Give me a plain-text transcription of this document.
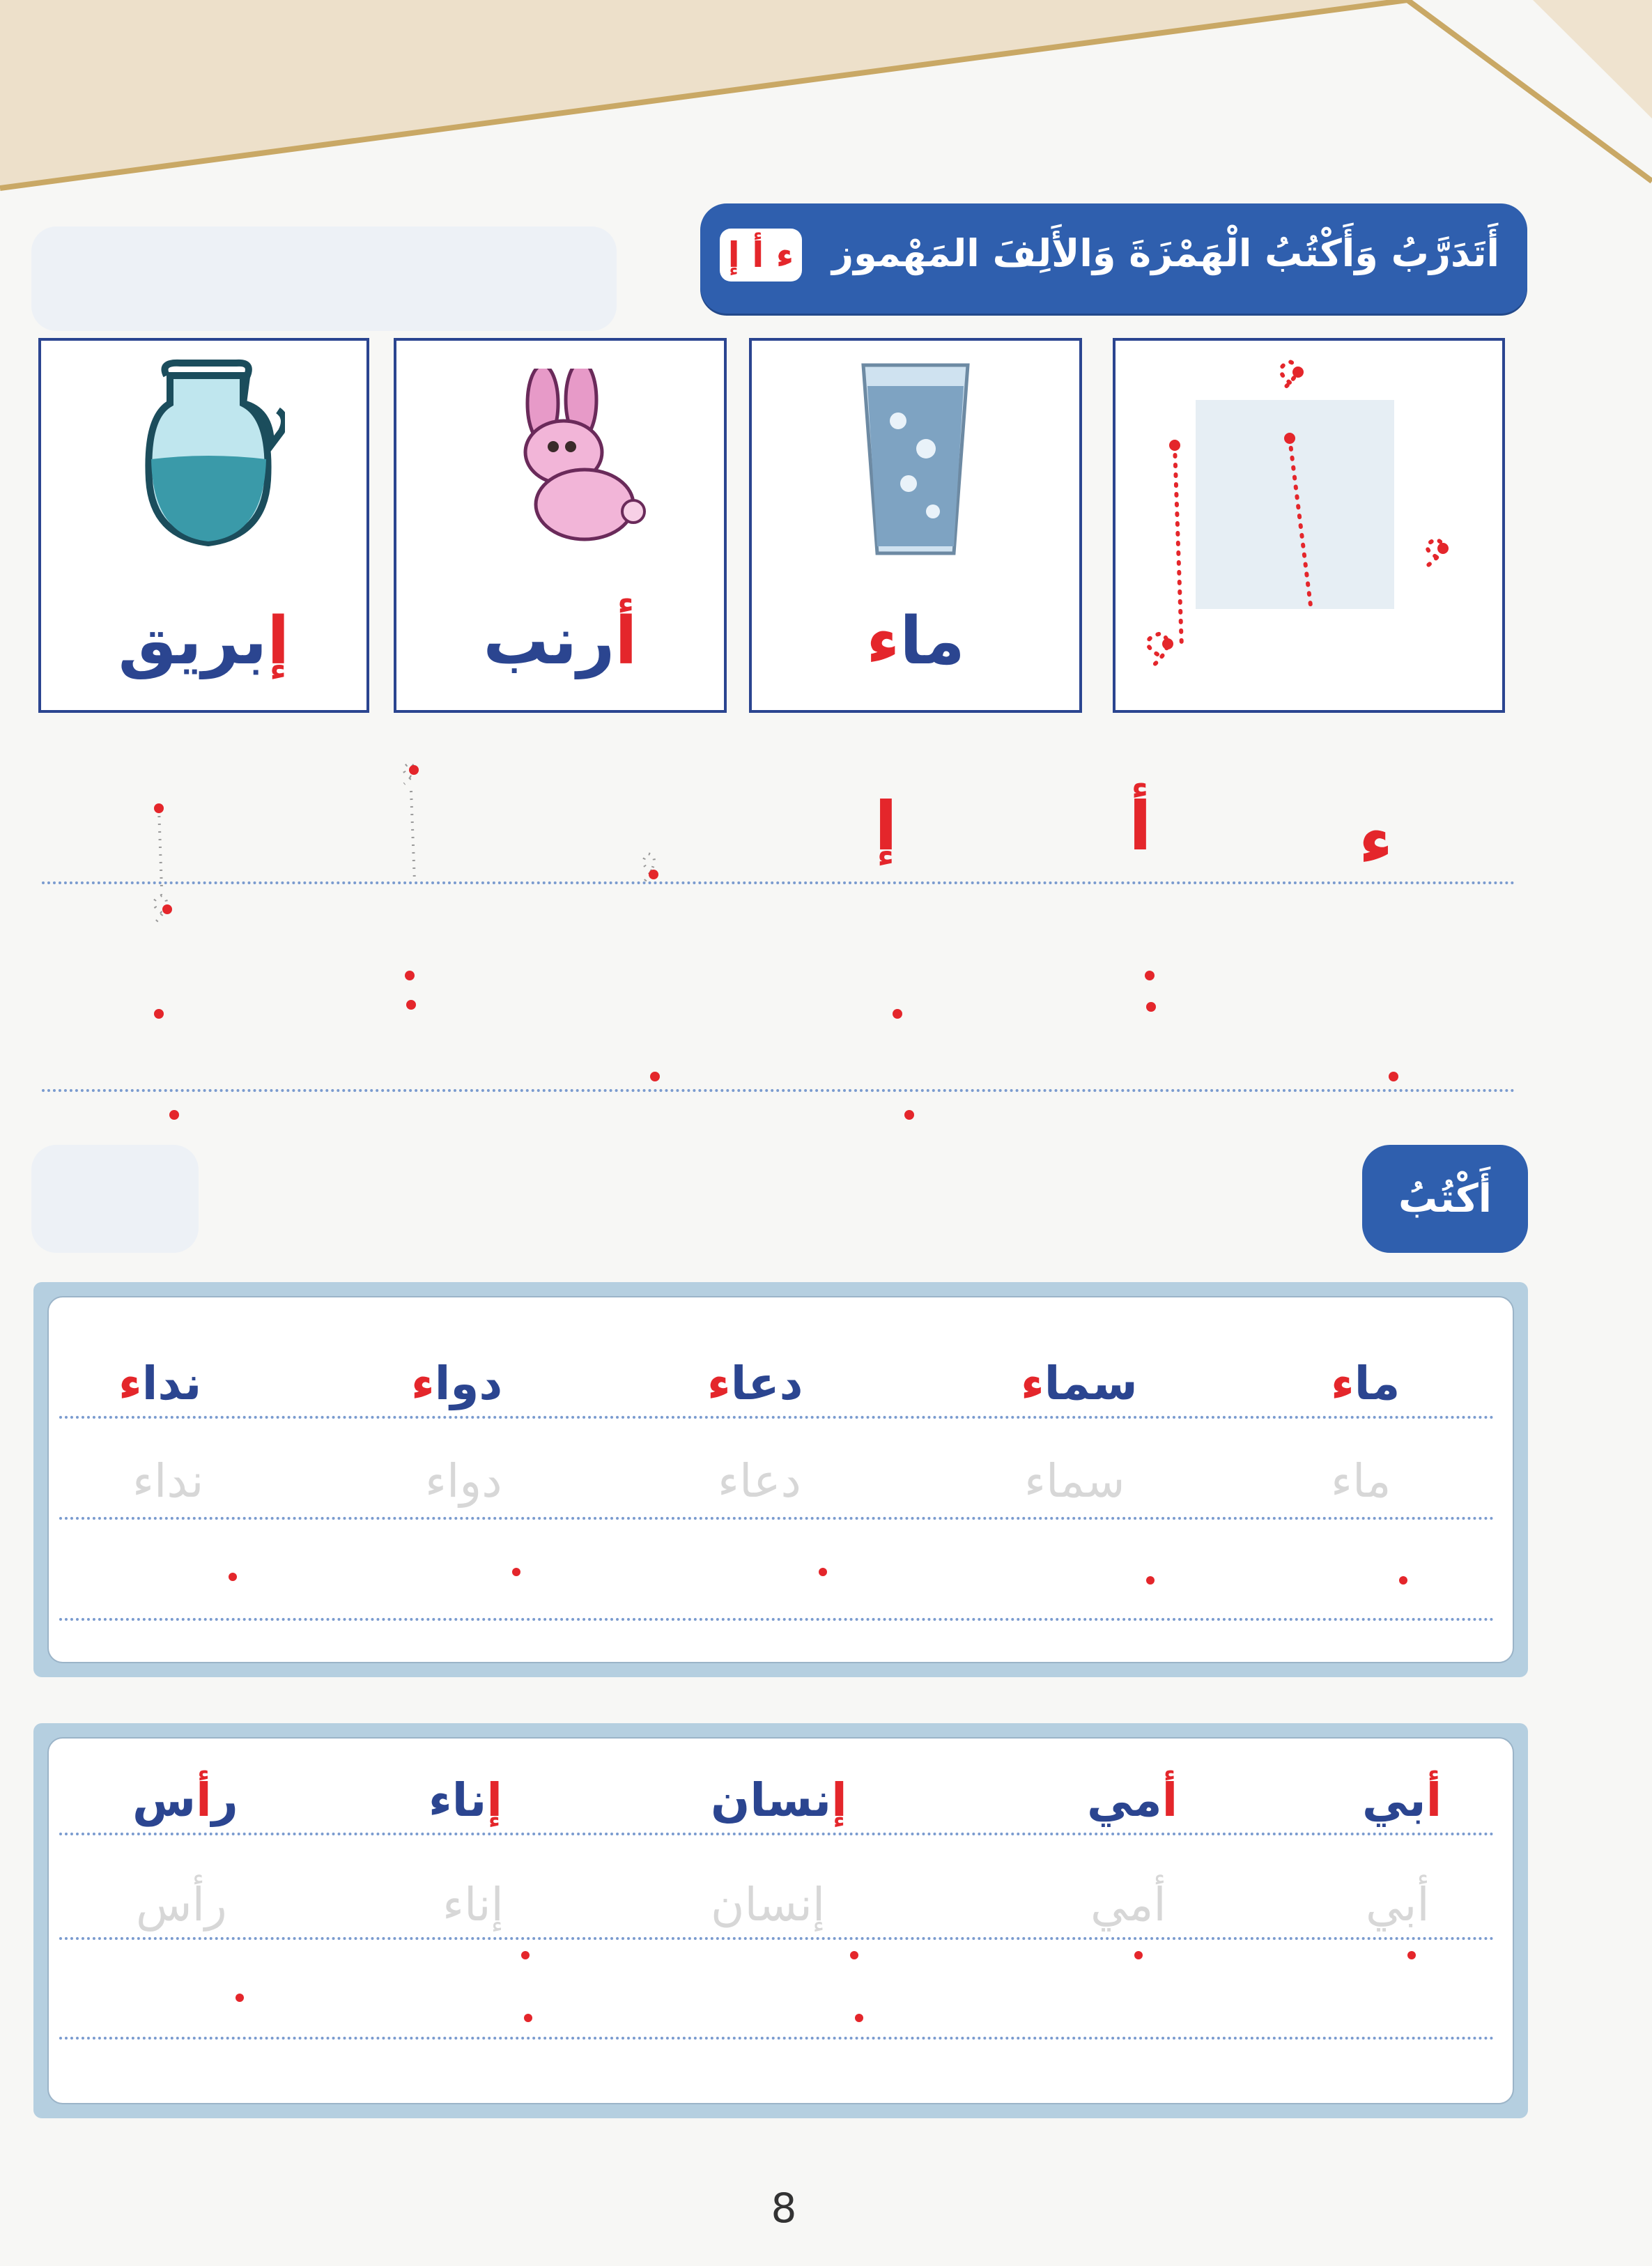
ء أ إ أَتَدَرَّبُ وَأَكْتُبُ الْهَمْزَةَ وَالأَلِفَ المَهْموز
إبريق	أرنب	ماء
ء
أ
إ
أَكْتُبُ
نداء	دواء	دعاء	سماء	ماء
نداء	دواء	دعاء	سماء	ماء
رأس	إناء	إنسان	أمي	أبي
رأس	إناء	إنسان	أمي	أبي
8
